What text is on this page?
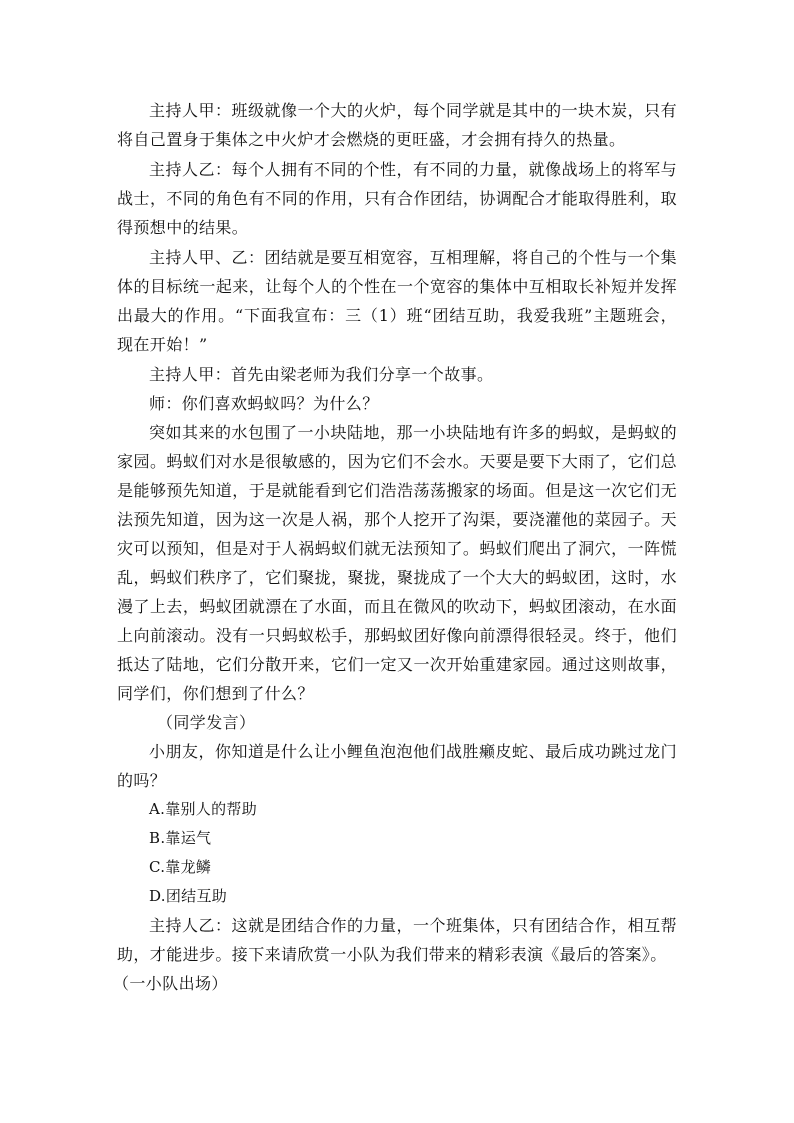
主持人甲：班级就像一个大的火炉，每个同学就是其中的一块木炭，只有将自己置身于集体之中火炉才会燃烧的更旺盛，才会拥有持久的热量。

主持人乙：每个人拥有不同的个性，有不同的力量，就像战场上的将军与战士，不同的角色有不同的作用，只有合作团结，协调配合才能取得胜利，取得预想中的结果。

主持人甲、乙：团结就是要互相宽容，互相理解，将自己的个性与一个集体的目标统一起来，让每个人的个性在一个宽容的集体中互相取长补短并发挥出最大的作用。“下面我宣布：三（1）班“团结互助，我爱我班”主题班会，现在开始！”

主持人甲：首先由梁老师为我们分享一个故事。

师：你们喜欢蚂蚁吗？为什么？

突如其来的水包围了一小块陆地，那一小块陆地有许多的蚂蚁，是蚂蚁的家园。蚂蚁们对水是很敏感的，因为它们不会水。天要是要下大雨了，它们总是能够预先知道，于是就能看到它们浩浩荡荡搬家的场面。但是这一次它们无法预先知道，因为这一次是人祸，那个人挖开了沟渠，要浇灌他的菜园子。天灾可以预知，但是对于人祸蚂蚁们就无法预知了。蚂蚁们爬出了洞穴，一阵慌乱，蚂蚁们秩序了，它们聚拢，聚拢，聚拢成了一个大大的蚂蚁团，这时，水漫了上去，蚂蚁团就漂在了水面，而且在微风的吹动下，蚂蚁团滚动，在水面上向前滚动。没有一只蚂蚁松手，那蚂蚁团好像向前漂得很轻灵。终于，他们抵达了陆地，它们分散开来，它们一定又一次开始重建家园。通过这则故事，同学们，你们想到了什么？

（同学发言）

小朋友，你知道是什么让小鲤鱼泡泡他们战胜癞皮蛇、最后成功跳过龙门的吗？

A.靠别人的帮助

B.靠运气

C.靠龙鳞

D.团结互助

主持人乙：这就是团结合作的力量，一个班集体，只有团结合作，相互帮助，才能进步。接下来请欣赏一小队为我们带来的精彩表演《最后的答案》。

（一小队出场）
